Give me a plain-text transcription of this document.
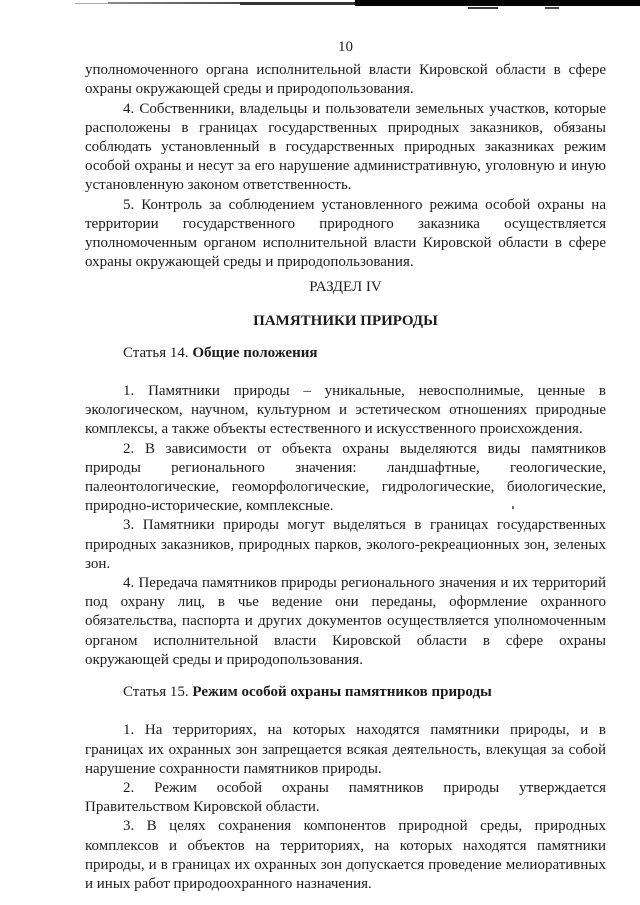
10

уполномоченного органа исполнительной власти Кировской области в сфере охраны окружающей среды и природопользования.

4. Собственники, владельцы и пользователи земельных участков, которые расположены в границах государственных природных заказников, обязаны соблюдать установленный в государственных природных заказниках режим особой охраны и несут за его нарушение административную, уголовную и иную установленную законом ответственность.

5. Контроль за соблюдением установленного режима особой охраны на территории государственного природного заказника осуществляется уполномоченным органом исполнительной власти Кировской области в сфере охраны окружающей среды и природопользования.

РАЗДЕЛ IV
ПАМЯТНИКИ ПРИРОДЫ
Статья 14. Общие положения

1. Памятники природы – уникальные, невосполнимые, ценные в экологическом, научном, культурном и эстетическом отношениях природные комплексы, а также объекты естественного и искусственного происхождения.

2. В зависимости от объекта охраны выделяются виды памятников природы регионального значения: ландшафтные, геологические, палеонтологические, геоморфологические, гидрологические, биологические, природно-исторические, комплексные.

3. Памятники природы могут выделяться в границах государственных природных заказников, природных парков, эколого-рекреационных зон, зеленых зон.

4. Передача памятников природы регионального значения и их территорий под охрану лиц, в чье ведение они переданы, оформление охранного обязательства, паспорта и других документов осуществляется уполномоченным органом исполнительной власти Кировской области в сфере охраны окружающей среды и природопользования.

Статья 15. Режим особой охраны памятников природы

1. На территориях, на которых находятся памятники природы, и в границах их охранных зон запрещается всякая деятельность, влекущая за собой нарушение сохранности памятников природы.

2. Режим особой охраны памятников природы утверждается Правительством Кировской области.

3. В целях сохранения компонентов природной среды, природных комплексов и объектов на территориях, на которых находятся памятники природы, и в границах их охранных зон допускается проведение мелиоративных и иных работ природоохранного назначения.
